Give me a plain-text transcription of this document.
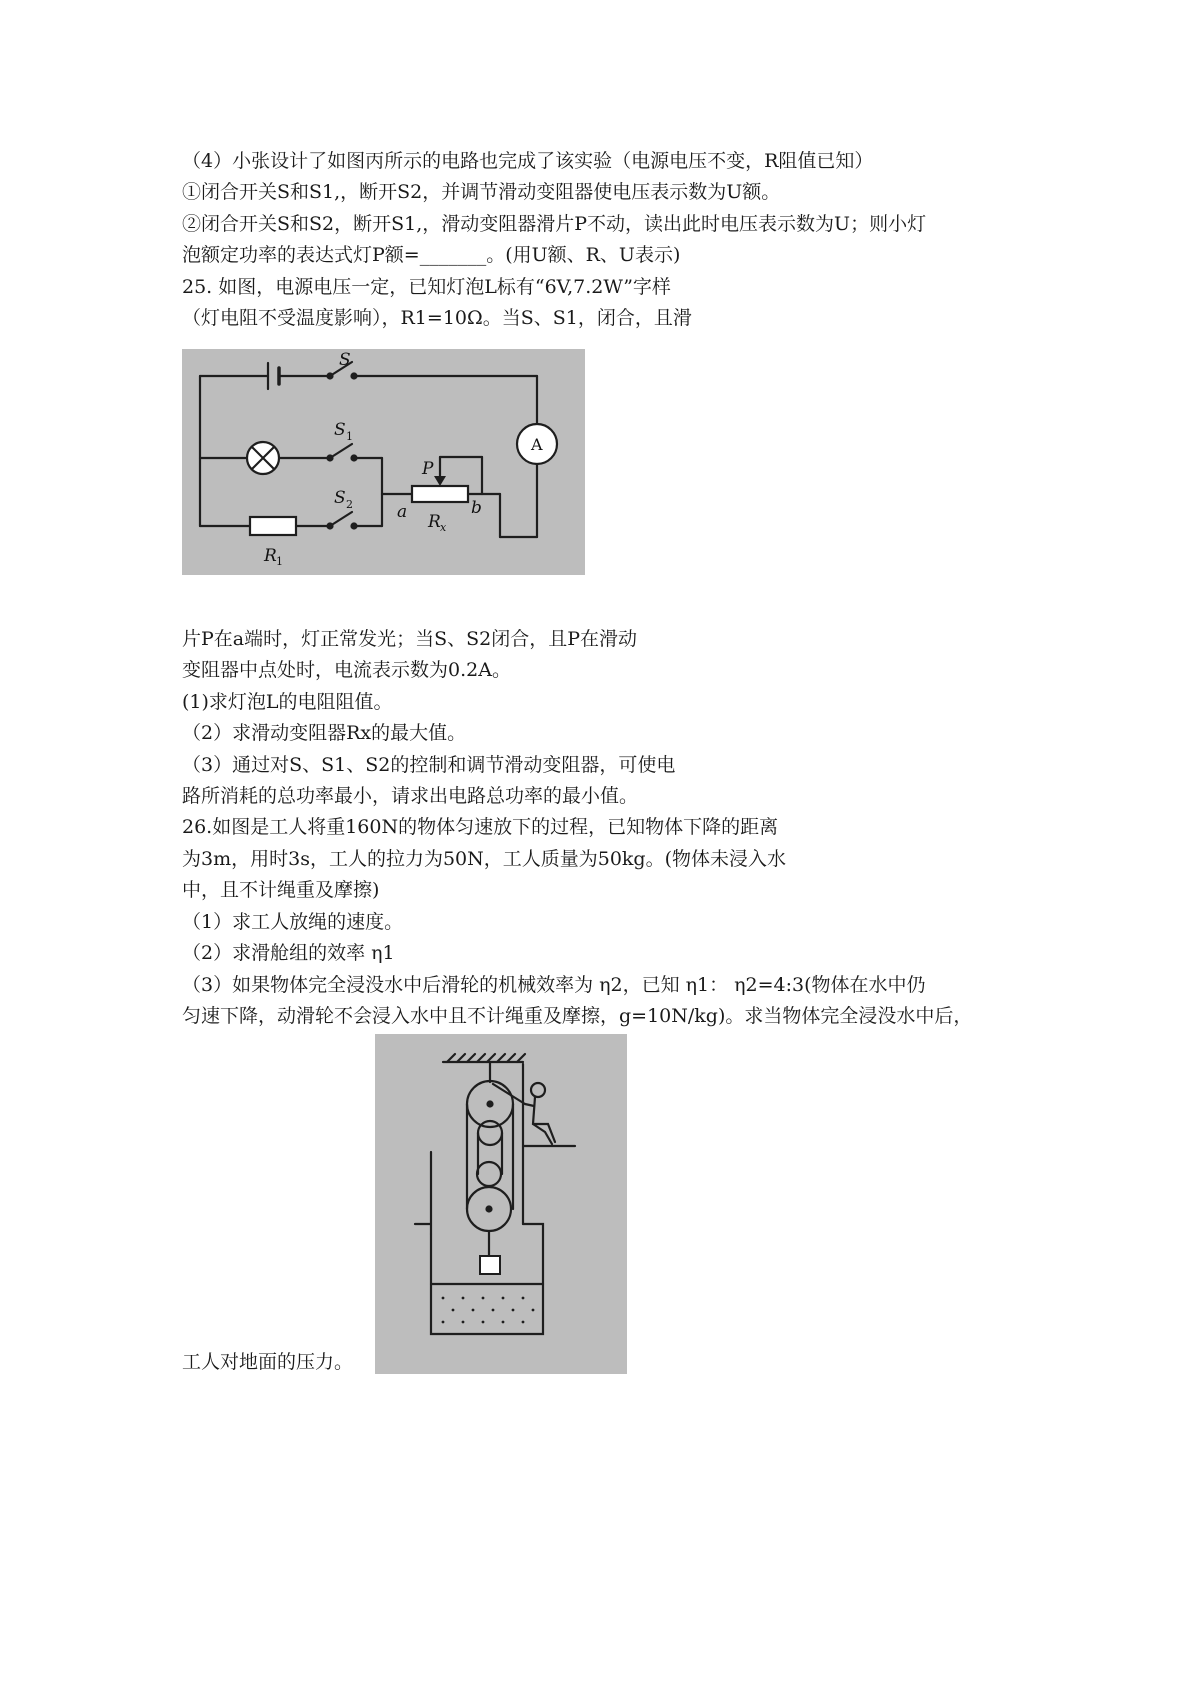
（4）小张设计了如图丙所示的电路也完成了该实验（电源电压不变，R阻值已知）
①闭合开关S和S1,，断开S2，并调节滑动变阻器使电压表示数为U额。
②闭合开关S和S2，断开S1,，滑动变阻器滑片P不动，读出此时电压表示数为U；则小灯
泡额定功率的表达式灯P额=_______。(用U额、R、U表示)
25. 如图，电源电压一定，已知灯泡L标有“6V,7.2W”字样
（灯电阻不受温度影响），R1=10Ω。当S、S1，闭合，且滑
S
S 1
S 2
A
P
a	b
R x
R 1
片P在a端时，灯正常发光；当S、S2闭合，且P在滑动
变阻器中点处时，电流表示数为0.2A。
(1)求灯泡L的电阻阻值。
（2）求滑动变阻器Rx的最大值。
（3）通过对S、S1、S2的控制和调节滑动变阻器，可使电
路所消耗的总功率最小，请求出电路总功率的最小值。
26.如图是工人将重160N的物体匀速放下的过程，已知物体下降的距离
为3m，用时3s，工人的拉力为50N，工人质量为50kg。(物体未浸入水
中，且不计绳重及摩擦)
（1）求工人放绳的速度。
（2）求滑舱组的效率 η1
（3）如果物体完全浸没水中后滑轮的机械效率为 η2，已知 η1： η2=4:3(物体在水中仍
匀速下降，动滑轮不会浸入水中且不计绳重及摩擦，g=10N/kg)。求当物体完全浸没水中后，
工人对地面的压力。
